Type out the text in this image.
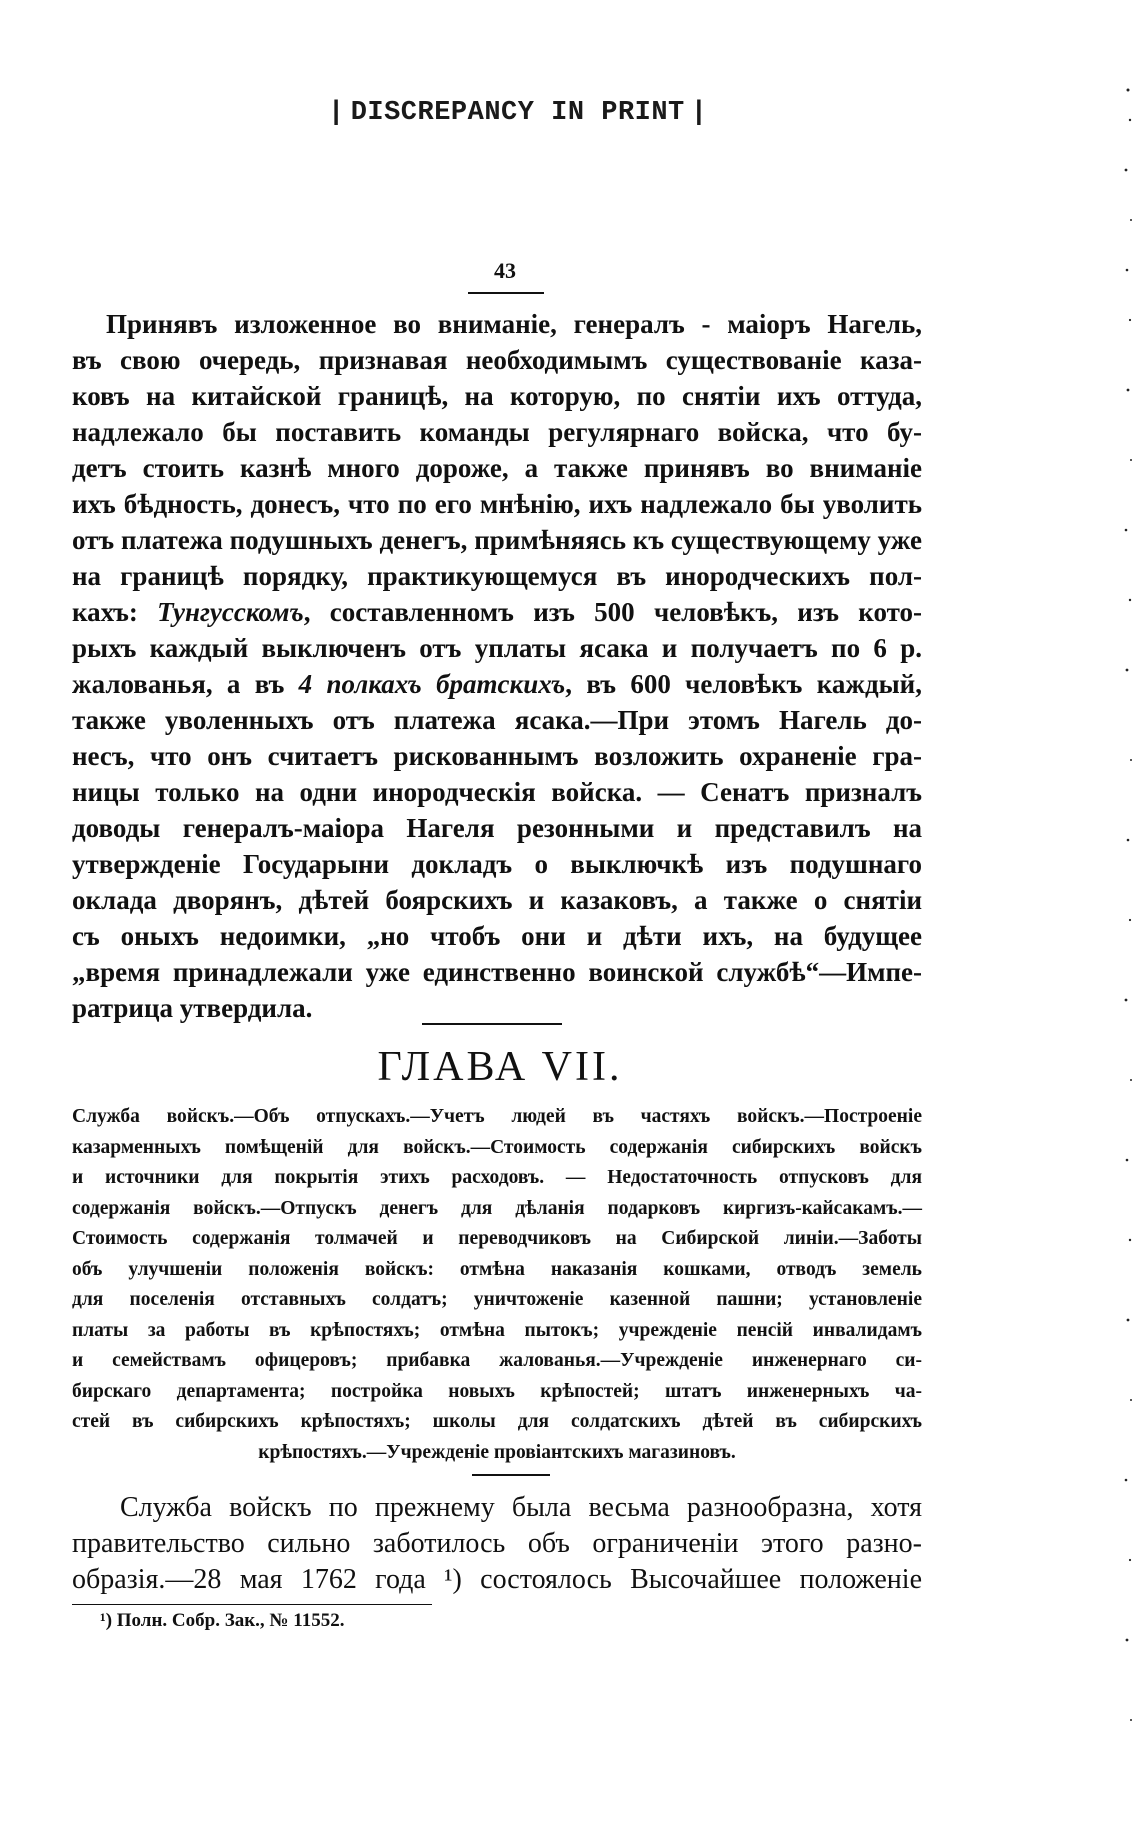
| DISCREPANCY IN PRINT |
43
Принявъ изложенное во вниманіе, генералъ - маіоръ Нагель,
въ свою очередь, признавая необходимымъ существованіе каза-
ковъ на китайской границѣ, на которую, по снятіи ихъ оттуда,
надлежало бы поставить команды регулярнаго войска, что бу-
детъ стоить казнѣ много дороже, а также принявъ во вниманіе
ихъ бѣдность, донесъ, что по его мнѣнію, ихъ надлежало бы уволить
отъ платежа подушныхъ денегъ, примѣняясь къ существующему уже
на границѣ порядку, практикующемуся въ инородческихъ пол-
кахъ: Тунгусскомъ, составленномъ изъ 500 человѣкъ, изъ кото-
рыхъ каждый выключенъ отъ уплаты ясака и получаетъ по 6 р.
жалованья, а въ 4 полкахъ братскихъ, въ 600 человѣкъ каждый,
также уволенныхъ отъ платежа ясака.—При этомъ Нагель до-
несъ, что онъ считаетъ рискованнымъ возложить охраненіе гра-
ницы только на одни инородческія войска. — Сенатъ призналъ
доводы генералъ-маіора Нагеля резонными и представилъ на
утвержденіе Государыни докладъ о выключкѣ изъ подушнаго
оклада дворянъ, дѣтей боярскихъ и казаковъ, а также о снятіи
съ оныхъ недоимки, „но чтобъ они и дѣти ихъ, на будущее
„время принадлежали уже единственно воинской службѣ“—Импе-
ратрица утвердила.
ГЛАВА VII.
Служба войскъ.—Объ отпускахъ.—Учетъ людей въ частяхъ войскъ.—Построеніе
казарменныхъ помѣщеній для войскъ.—Стоимость содержанія сибирскихъ войскъ
и источники для покрытія этихъ расходовъ. — Недостаточность отпусковъ для
содержанія войскъ.—Отпускъ денегъ для дѣланія подарковъ киргизъ-кайсакамъ.—
Стоимость содержанія толмачей и переводчиковъ на Сибирской линіи.—Заботы
объ улучшеніи положенія войскъ: отмѣна наказанія кошками, отводъ земель
для поселенія отставныхъ солдатъ; уничтоженіе казенной пашни; установленіе
платы за работы въ крѣпостяхъ; отмѣна пытокъ; учрежденіе пенсій инвалидамъ
и семействамъ офицеровъ; прибавка жалованья.—Учрежденіе инженернаго си-
бирскаго департамента; постройка новыхъ крѣпостей; штатъ инженерныхъ ча-
стей въ сибирскихъ крѣпостяхъ; школы для солдатскихъ дѣтей въ сибирскихъ
крѣпостяхъ.—Учрежденіе провіантскихъ магазиновъ.
Служба войскъ по прежнему была весьма разнообразна, хотя
правительство сильно заботилось объ ограниченіи этого разно-
образія.—28 мая 1762 года ¹) состоялось Высочайшее положеніе
¹) Полн. Собр. Зак., № 11552.
